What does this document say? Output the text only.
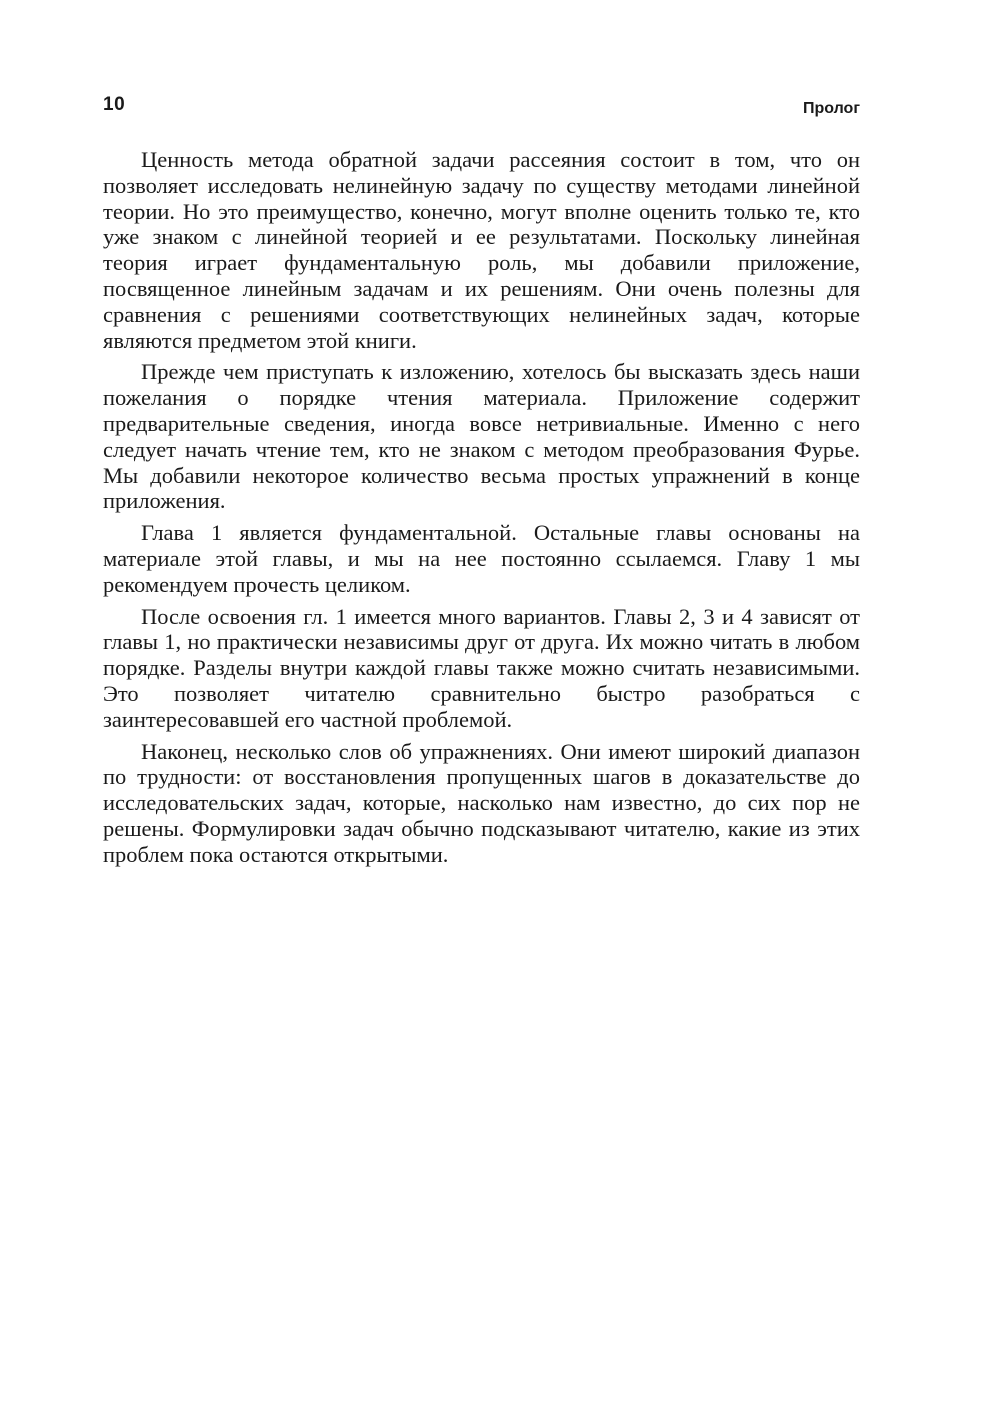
10	Пролог

Ценность метода обратной задачи рассеяния состоит в том, что он позволяет исследовать нелинейную задачу по существу методами линейной теории. Но это преимущество, конечно, могут вполне оценить только те, кто уже знаком с линейной теорией и ее результатами. Поскольку линейная теория играет фундаментальную роль, мы добавили приложение, посвященное линейным задачам и их решениям. Они очень полезны для сравнения с решениями соответствующих нелинейных задач, которые являются предметом этой книги.

Прежде чем приступать к изложению, хотелось бы высказать здесь наши пожелания о порядке чтения материала. Приложение содержит предварительные сведения, иногда вовсе нетривиальные. Именно с него следует начать чтение тем, кто не знаком с методом преобразования Фурье. Мы добавили некоторое количество весьма простых упражнений в конце приложения.

Глава 1 является фундаментальной. Остальные главы основаны на материале этой главы, и мы на нее постоянно ссылаемся. Главу 1 мы рекомендуем прочесть целиком.

После освоения гл. 1 имеется много вариантов. Главы 2, 3 и 4 зависят от главы 1, но практически независимы друг от друга. Их можно читать в любом порядке. Разделы внутри каждой главы также можно считать независимыми. Это позволяет читателю сравнительно быстро разобраться с заинтересовавшей его частной проблемой.

Наконец, несколько слов об упражнениях. Они имеют широкий диапазон по трудности: от восстановления пропущенных шагов в доказательстве до исследовательских задач, которые, насколько нам известно, до сих пор не решены. Формулировки задач обычно подсказывают читателю, какие из этих проблем пока остаются открытыми.
